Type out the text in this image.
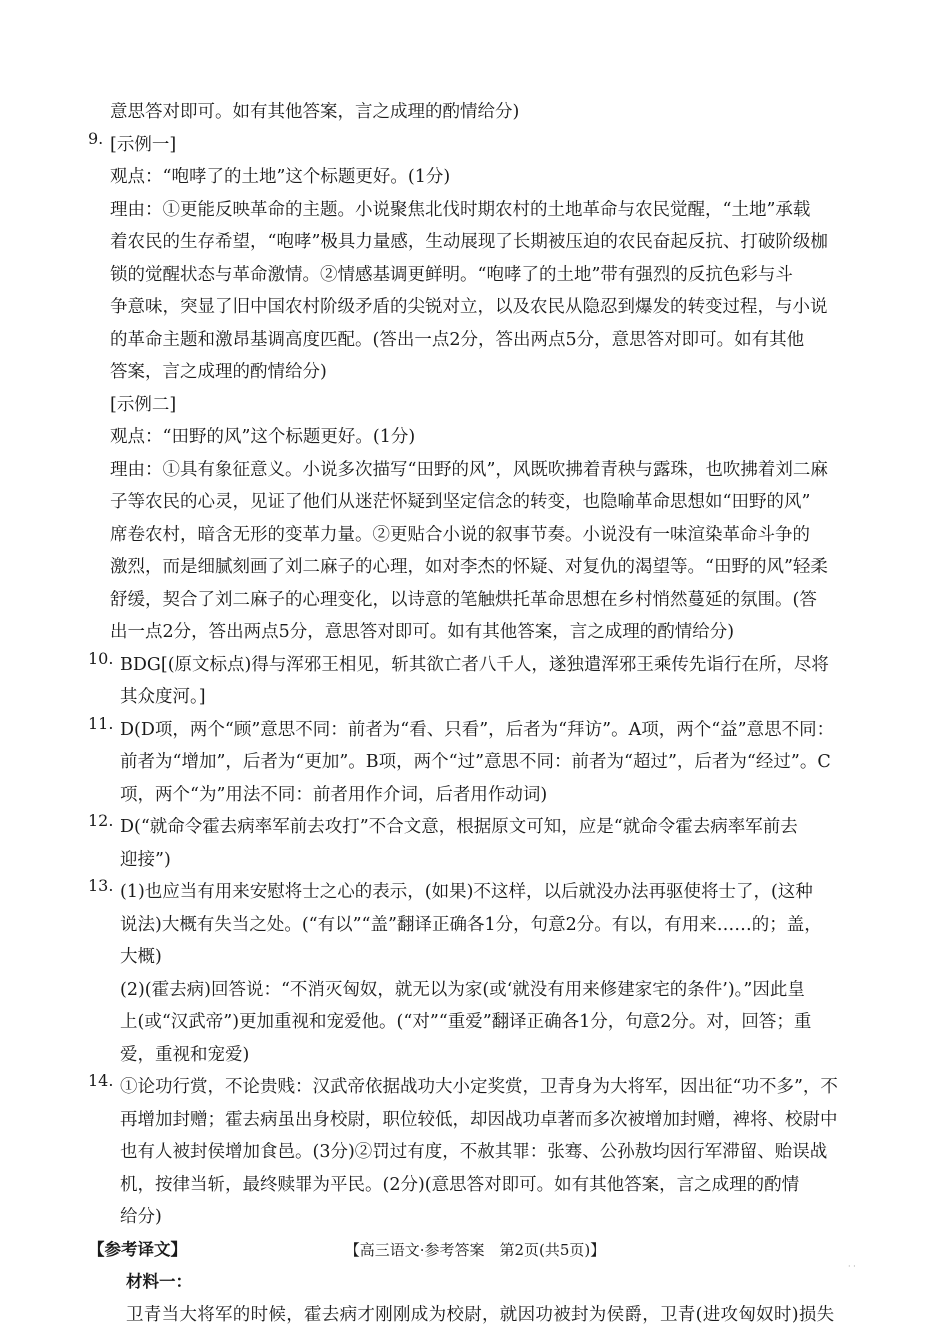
意思答对即可。如有其他答案，言之成理的酌情给分)

9. [示例一]

观点：“咆哮了的土地”这个标题更好。(1分)

理由：①更能反映革命的主题。小说聚焦北伐时期农村的土地革命与农民觉醒，“土地”承载

着农民的生存希望，“咆哮”极具力量感，生动展现了长期被压迫的农民奋起反抗、打破阶级枷

锁的觉醒状态与革命激情。②情感基调更鲜明。“咆哮了的土地”带有强烈的反抗色彩与斗

争意味，突显了旧中国农村阶级矛盾的尖锐对立，以及农民从隐忍到爆发的转变过程，与小说

的革命主题和激昂基调高度匹配。(答出一点2分，答出两点5分，意思答对即可。如有其他

答案，言之成理的酌情给分)

[示例二]

观点：“田野的风”这个标题更好。(1分)

理由：①具有象征意义。小说多次描写“田野的风”，风既吹拂着青秧与露珠，也吹拂着刘二麻

子等农民的心灵，见证了他们从迷茫怀疑到坚定信念的转变，也隐喻革命思想如“田野的风”

席卷农村，暗含无形的变革力量。②更贴合小说的叙事节奏。小说没有一味渲染革命斗争的

激烈，而是细腻刻画了刘二麻子的心理，如对李杰的怀疑、对复仇的渴望等。“田野的风”轻柔

舒缓，契合了刘二麻子的心理变化，以诗意的笔触烘托革命思想在乡村悄然蔓延的氛围。(答

出一点2分，答出两点5分，意思答对即可。如有其他答案，言之成理的酌情给分)

10. BDG[(原文标点)得与浑邪王相见，斩其欲亡者八千人，遂独遣浑邪王乘传先诣行在所，尽将

其众度河。]

11. D(D项，两个“顾”意思不同：前者为“看、只看”，后者为“拜访”。A项，两个“益”意思不同：

前者为“增加”，后者为“更加”。B项，两个“过”意思不同：前者为“超过”，后者为“经过”。C

项，两个“为”用法不同：前者用作介词，后者用作动词)

12. D(“就命令霍去病率军前去攻打”不合文意，根据原文可知，应是“就命令霍去病率军前去

迎接”)

13. (1)也应当有用来安慰将士之心的表示，(如果)不这样，以后就没办法再驱使将士了，(这种

说法)大概有失当之处。(“有以”“盖”翻译正确各1分，句意2分。有以，有用来……的；盖，

大概)

(2)(霍去病)回答说：“不消灭匈奴，就无以为家(或‘就没有用来修建家宅的条件’)。”因此皇

上(或“汉武帝”)更加重视和宠爱他。(“对”“重爱”翻译正确各1分，句意2分。对，回答；重

爱，重视和宠爱)

14. ①论功行赏，不论贵贱：汉武帝依据战功大小定奖赏，卫青身为大将军，因出征“功不多”，不

再增加封赠；霍去病虽出身校尉，职位较低，却因战功卓著而多次被增加封赠，裨将、校尉中

也有人被封侯增加食邑。(3分)②罚过有度，不赦其罪：张骞、公孙敖均因行军滞留、贻误战

机，按律当斩，最终赎罪为平民。(2分)(意思答对即可。如有其他答案，言之成理的酌情

给分)

【参考译文】

材料一：

卫青当大将军的时候，霍去病才刚刚成为校尉，就因功被封为侯爵，卫青(进攻匈奴时)损失

【高三语文·参考答案　第2页(共5页)】
· ·
